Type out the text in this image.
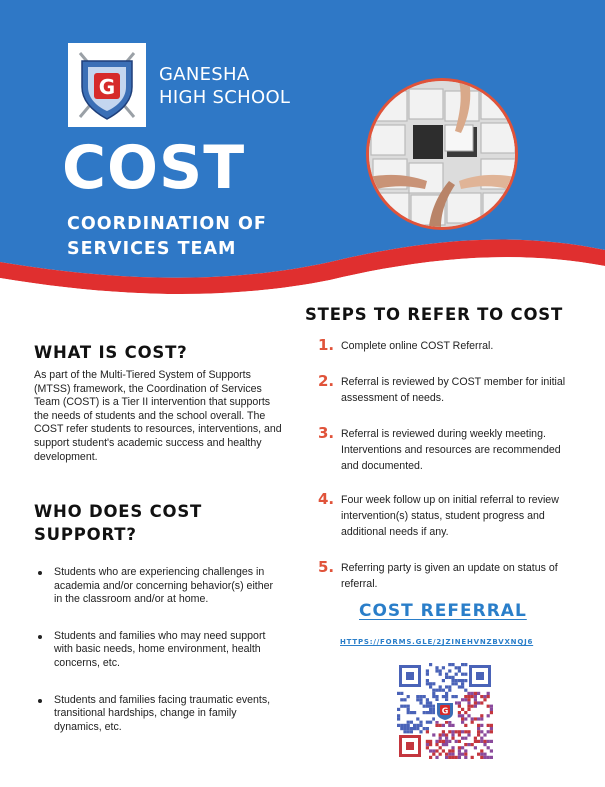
G
GANESHA
HIGH SCHOOL
COST
COORDINATION OF
SERVICES TEAM
WHAT IS COST?
As part of the Multi-Tiered System of Supports (MTSS) framework, the Coordination of Services Team (COST) is a Tier II intervention that supports the needs of students and the school overall. The COST refer students to resources, interventions, and support student's academic success and healthy development.
WHO DOES COST
SUPPORT?
Students who are experiencing challenges in academia and/or concerning behavior(s) either in the classroom and/or at home.
Students and families who may need support with basic needs, home environment, health concerns, etc.
Students and families facing traumatic events, transitional hardships, change in family dynamics, etc.
STEPS TO REFER TO COST
1. Complete online COST Referral.
2. Referral is reviewed by COST member for initial assessment of needs.
3. Referral is reviewed during weekly meeting. Interventions and resources are recommended and documented.
4. Four week follow up on initial referral to review intervention(s) status, student progress and additional needs if any.
5. Referring party is given an update on status of referral.
COST REFERRAL
HTTPS://FORMS.GLE/2JZINEHVNZBVXNQJ6
G
